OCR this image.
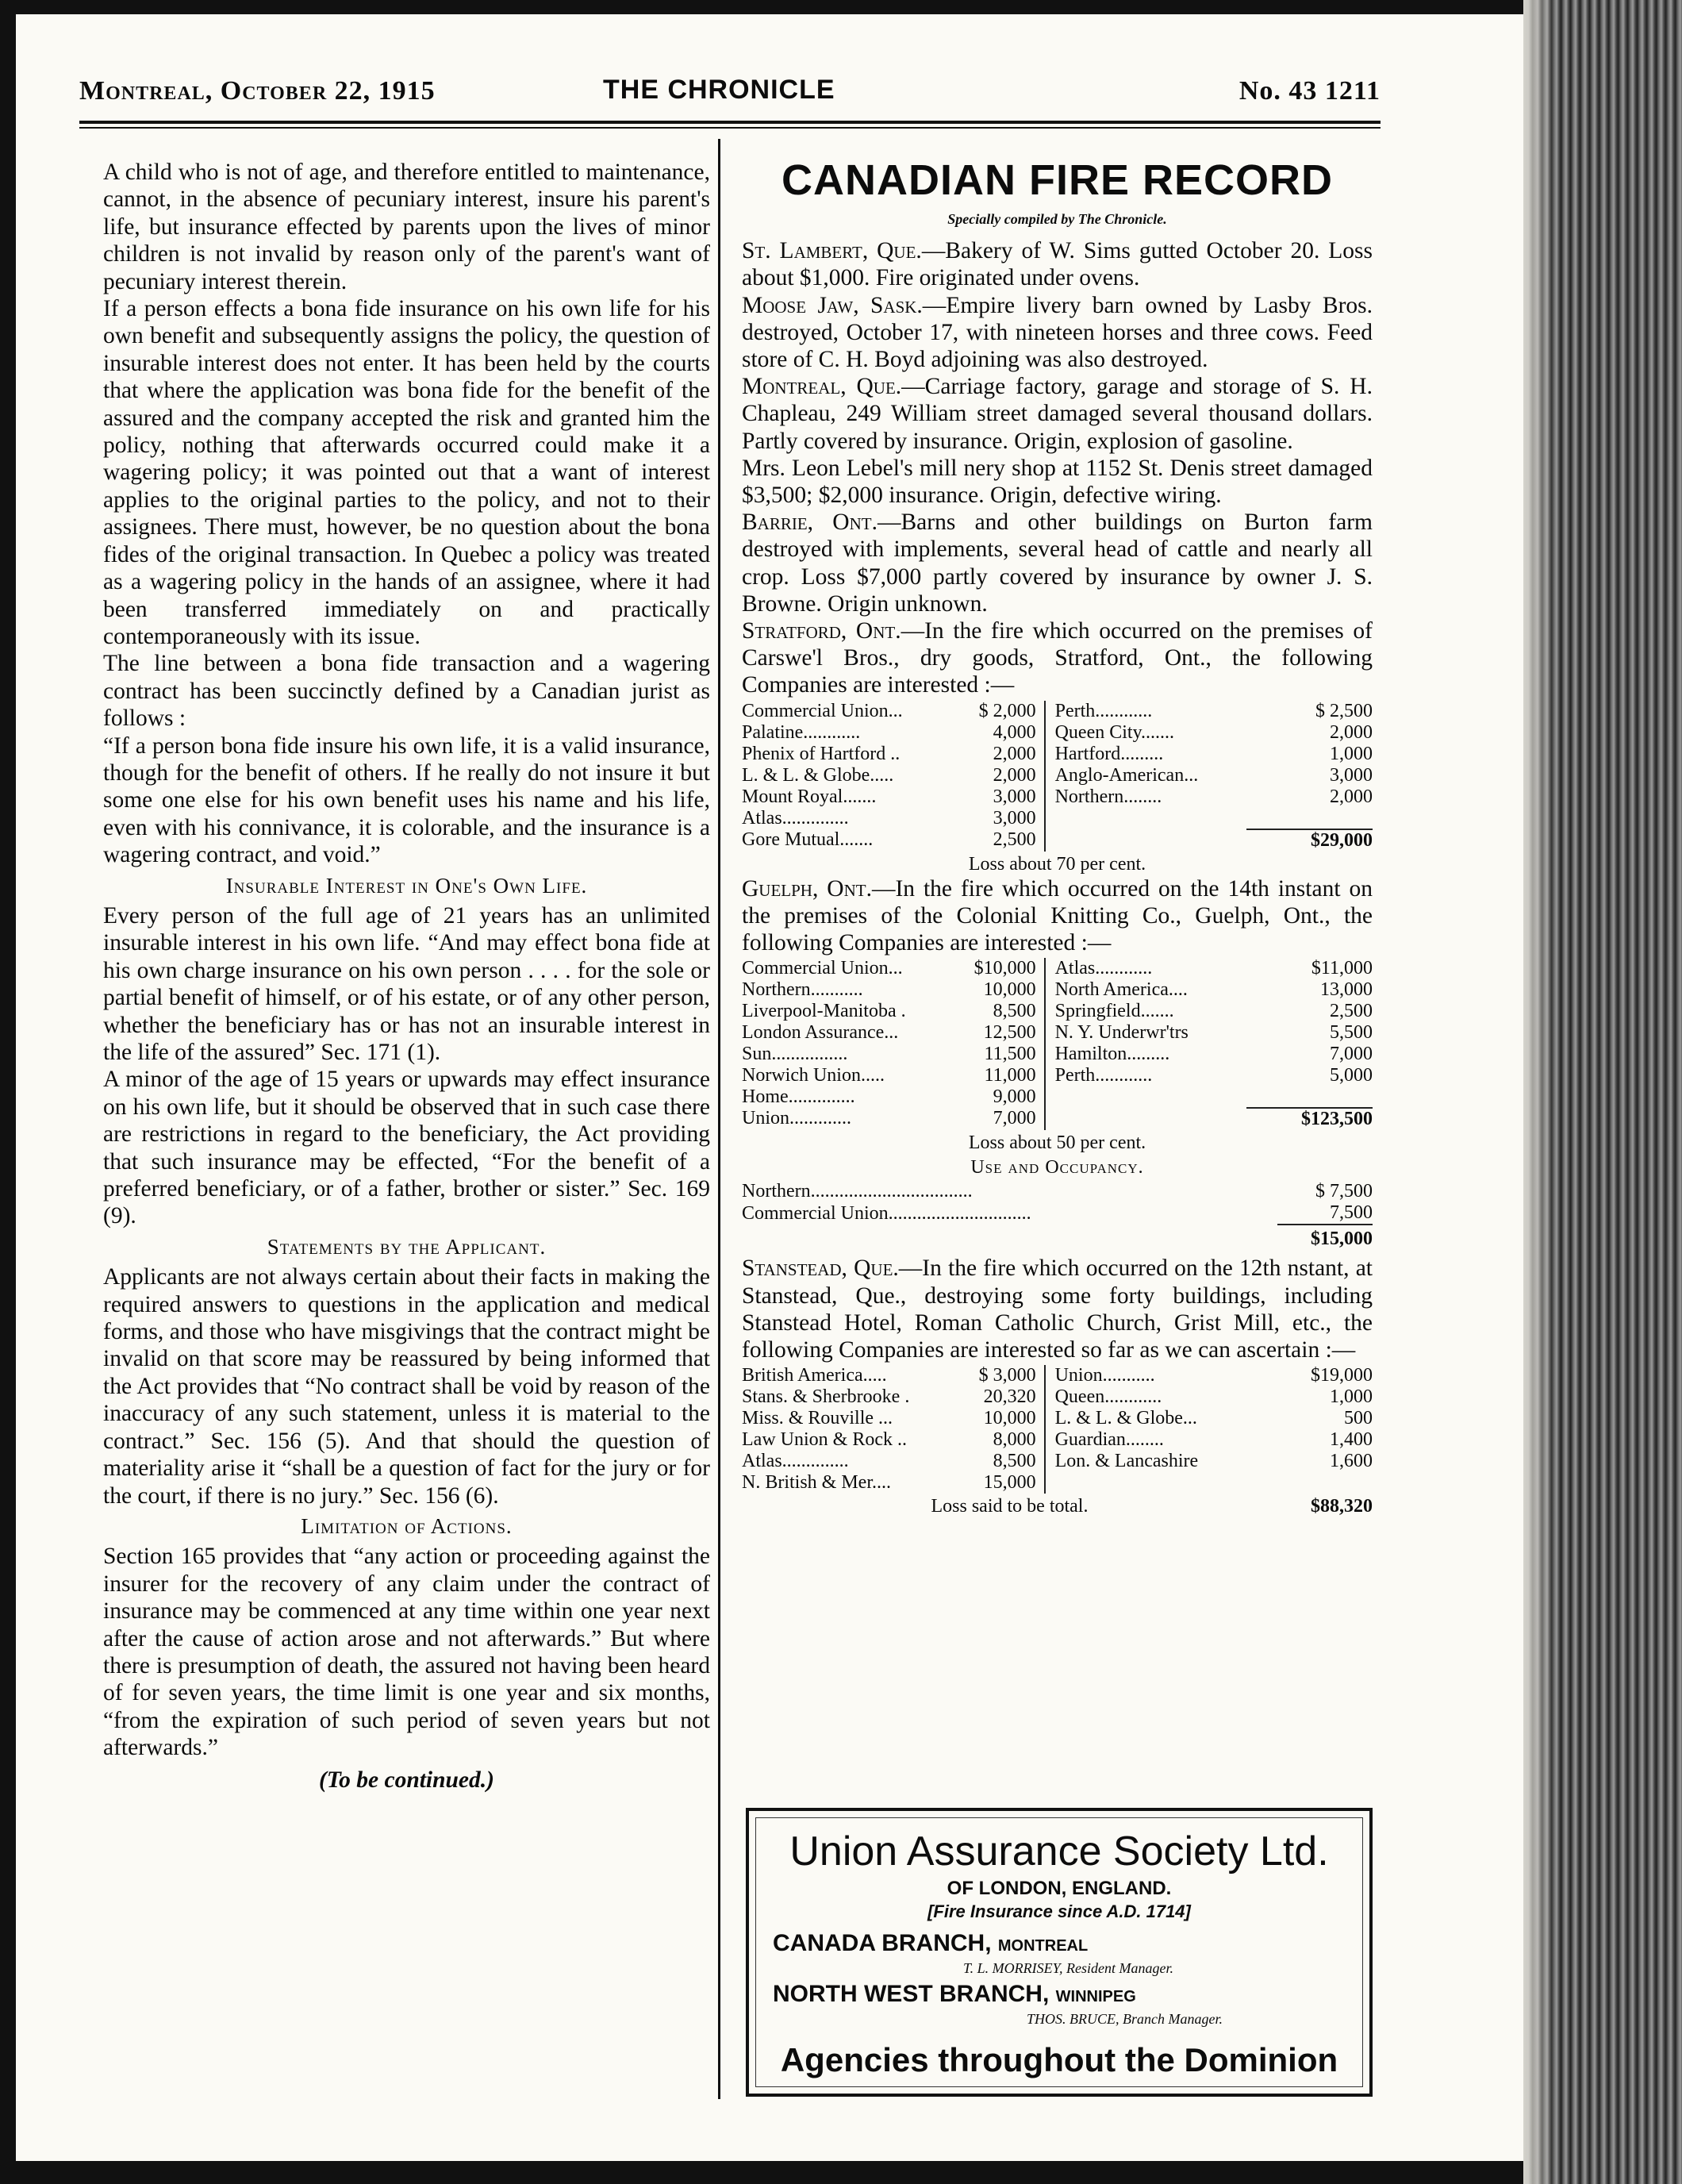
Montreal, October 22, 1915	THE CHRONICLE	No. 43 1211

A child who is not of age, and therefore entitled to maintenance, cannot, in the absence of pecuniary interest, insure his parent's life, but insurance effected by parents upon the lives of minor children is not invalid by reason only of the parent's want of pecuniary interest therein.

If a person effects a bona fide insurance on his own life for his own benefit and subsequently assigns the policy, the question of insurable interest does not enter. It has been held by the courts that where the application was bona fide for the benefit of the assured and the company accepted the risk and granted him the policy, nothing that afterwards occurred could make it a wagering policy; it was pointed out that a want of interest applies to the original parties to the policy, and not to their assignees. There must, however, be no question about the bona fides of the original transaction. In Quebec a policy was treated as a wagering policy in the hands of an assignee, where it had been transferred immediately on and practically contemporaneously with its issue.

The line between a bona fide transaction and a wagering contract has been succinctly defined by a Canadian jurist as follows :

“If a person bona fide insure his own life, it is a valid insurance, though for the benefit of others. If he really do not insure it but some one else for his own benefit uses his name and his life, even with his connivance, it is colorable, and the insurance is a wagering contract, and void.”

Insurable Interest in One's Own Life.

Every person of the full age of 21 years has an unlimited insurable interest in his own life. “And may effect bona fide at his own charge insurance on his own person . . . . for the sole or partial benefit of himself, or of his estate, or of any other person, whether the beneficiary has or has not an insurable interest in the life of the assured” Sec. 171 (1).

A minor of the age of 15 years or upwards may effect insurance on his own life, but it should be observed that in such case there are restrictions in regard to the beneficiary, the Act providing that such insurance may be effected, “For the benefit of a preferred beneficiary, or of a father, brother or sister.” Sec. 169 (9).

Statements by the Applicant.

Applicants are not always certain about their facts in making the required answers to questions in the application and medical forms, and those who have misgivings that the contract might be invalid on that score may be reassured by being informed that the Act provides that “No contract shall be void by reason of the inaccuracy of any such statement, unless it is material to the contract.” Sec. 156 (5). And that should the question of materiality arise it “shall be a question of fact for the jury or for the court, if there is no jury.” Sec. 156 (6).

Limitation of Actions.

Section 165 provides that “any action or proceeding against the insurer for the recovery of any claim under the contract of insurance may be commenced at any time within one year next after the cause of action arose and not afterwards.” But where there is presumption of death, the assured not having been heard of for seven years, the time limit is one year and six months, “from the expiration of such period of seven years but not afterwards.”

(To be continued.)

CANADIAN FIRE RECORD

Specially compiled by The Chronicle.

St. Lambert, Que.—Bakery of W. Sims gutted October 20. Loss about $1,000. Fire originated under ovens.

Moose Jaw, Sask.—Empire livery barn owned by Lasby Bros. destroyed, October 17, with nineteen horses and three cows. Feed store of C. H. Boyd adjoining was also destroyed.

Montreal, Que.—Carriage factory, garage and storage of S. H. Chapleau, 249 William street damaged several thousand dollars. Partly covered by insurance. Origin, explosion of gasoline.

Mrs. Leon Lebel's mill nery shop at 1152 St. Denis street damaged $3,500; $2,000 insurance. Origin, defective wiring.

Barrie, Ont.—Barns and other buildings on Burton farm destroyed with implements, several head of cattle and nearly all crop. Loss $7,000 partly covered by insurance by owner J. S. Browne. Origin unknown.

Stratford, Ont.—In the fire which occurred on the premises of Carswe'l Bros., dry goods, Stratford, Ont., the following Companies are interested :—

Commercial Union...	$ 2,000	Perth............	$ 2,500
Palatine............	4,000	Queen City.......	2,000
Phenix of Hartford ..	2,000	Hartford.........	1,000
L. & L. & Globe.....	2,000	Anglo-American...	3,000
Mount Royal.......	3,000	Northern........	2,000
Atlas..............	3,000		
Gore Mutual.......	2,500		$29,000

Loss about 70 per cent.

Guelph, Ont.—In the fire which occurred on the 14th instant on the premises of the Colonial Knitting Co., Guelph, Ont., the following Companies are interested :—

Commercial Union...	$10,000	Atlas............	$11,000
Northern...........	10,000	North America....	13,000
Liverpool-Manitoba .	8,500	Springfield.......	2,500
London Assurance...	12,500	N. Y. Underwr'trs	5,500
Sun................	11,500	Hamilton.........	7,000
Norwich Union.....	11,000	Perth............	5,000
Home..............	9,000		
Union.............	7,000		$123,500

Loss about 50 per cent.

Use and Occupancy.

Northern..................................	$ 7,500
Commercial Union..............................	7,500
	$15,000

Stanstead, Que.—In the fire which occurred on the 12th nstant, at Stanstead, Que., destroying some forty buildings, including Stanstead Hotel, Roman Catholic Church, Grist Mill, etc., the following Companies are interested so far as we can ascertain :—

British America.....	$ 3,000	Union...........	$19,000
Stans. & Sherbrooke .	20,320	Queen............	1,000
Miss. & Rouville ...	10,000	L. & L. & Globe...	500
Law Union & Rock ..	8,000	Guardian........	1,400
Atlas..............	8,500	Lon. & Lancashire	1,600
N. British & Mer....	15,000		
Loss said to be total.	$88,320
Union Assurance Society Ltd.
OF LONDON, ENGLAND.
[Fire Insurance since A.D. 1714]
CANADA BRANCH, MONTREAL
T. L. MORRISEY, Resident Manager.
NORTH WEST BRANCH, WINNIPEG
THOS. BRUCE, Branch Manager.
Agencies throughout the Dominion
